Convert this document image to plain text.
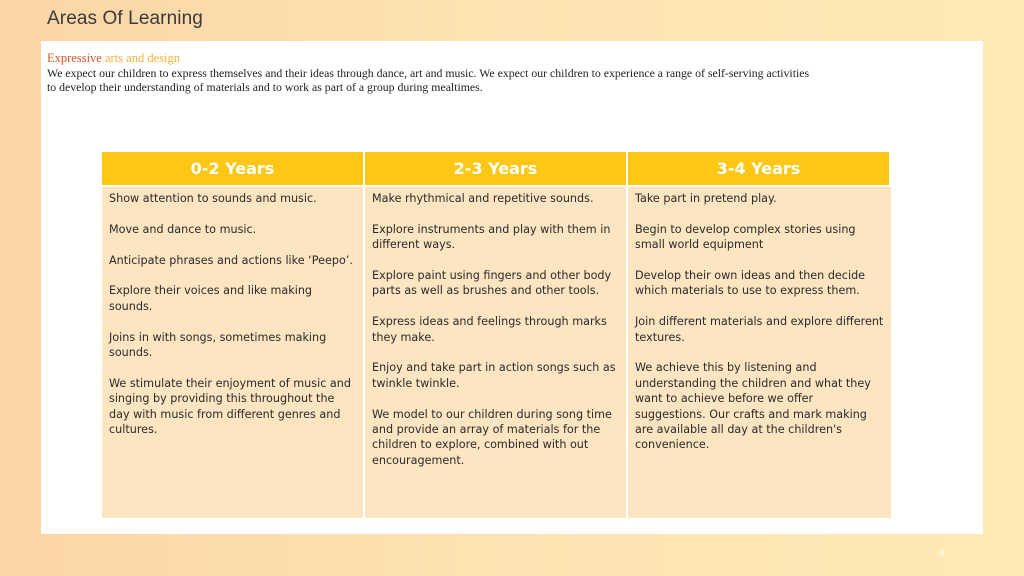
Areas Of Learning
Expressive arts and design
We expect our children to express themselves and their ideas through dance, art and music. We expect our children to experience a range of self-serving activities
to develop their understanding of materials and to work as part of a group during mealtimes.
0-2 Years	2-3 Years	3-4 Years

Show attention to sounds and music.

Move and dance to music.

Anticipate phrases and actions like ‘Peepo’.

Explore their voices and like making sounds.

Joins in with songs, sometimes making sounds.

We stimulate their enjoyment of music and singing by providing this throughout the day with music from different genres and cultures.

Make rhythmical and repetitive sounds.

Explore instruments and play with them in different ways.

Explore paint using fingers and other body parts as well as brushes and other tools.

Express ideas and feelings through marks they make.

Enjoy and take part in action songs such as twinkle twinkle.

We model to our children during song time and provide an array of materials for the children to explore, combined with out encouragement.

Take part in pretend play.

Begin to develop complex stories using small world equipment

Develop their own ideas and then decide which materials to use to express them.

Join different materials and explore different textures.

We achieve this by listening and understanding the children and what they want to achieve before we offer suggestions. Our crafts and mark making are available all day at the children's convenience.

9
